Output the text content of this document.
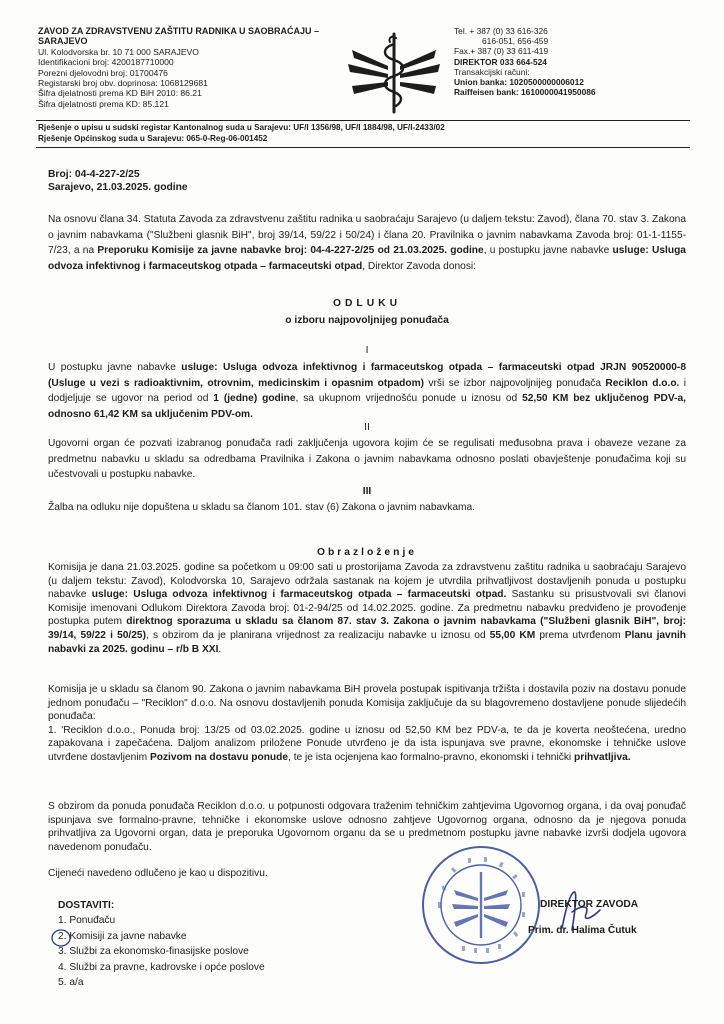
ZAVOD ZA ZDRAVSTVENU ZAŠTITU RADNIKA U SAOBRAĆAJU –
SARAJEVO
Ul. Kolodvorska br. 10 71 000 SARAJEVO
Identifikacioni broj: 4200187710000
Porezni djelovodni broj: 01700476
Registarski broj obv. doprinosa: 1068129681
Šifra djelatnosti prema KD BiH 2010: 86.21
Šifra djelatnosti prema KD: 85.121
Tel. + 387 (0) 33 616-326
616-051, 656-459
Fax.+ 387 (0) 33 611-419
DIREKTOR 033 664-524
Transakcijski računi:
Union banka: 1020500000006012
Raiffeisen bank: 1610000041950086
Rješenje o upisu u sudski registar Kantonalnog suda u Sarajevu: UF/I 1356/98, UF/I 1884/98, UF/I-2433/02
Rješenje Općinskog suda u Sarajevu: 065-0-Reg-06-001452
Broj: 04-4-227-2/25
Sarajevo, 21.03.2025. godine
Na osnovu člana 34. Statuta Zavoda za zdravstvenu zaštitu radnika u saobraćaju Sarajevo (u daljem tekstu: Zavod), člana 70. stav 3. Zakona o javnim nabavkama ("Službeni glasnik BiH", broj 39/14, 59/22 i 50/24) i člana 20. Pravilnika o javnim nabavkama Zavoda broj: 01-1-1155-7/23, a na Preporuku Komisije za javne nabavke broj: 04-4-227-2/25 od 21.03.2025. godine, u postupku javne nabavke usluge: Usluga odvoza infektivnog i farmaceutskog otpada – farmaceutski otpad, Direktor Zavoda donosi:
ODLUKU
o izboru najpovoljnijeg ponuđača
I
U postupku javne nabavke usluge: Usluga odvoza infektivnog i farmaceutskog otpada – farmaceutski otpad JRJN 90520000-8 (Usluge u vezi s radioaktivnim, otrovnim, medicinskim i opasnim otpadom) vrši se izbor najpovoljnijeg ponuđača Reciklon d.o.o. i dodjeljuje se ugovor na period od 1 (jedne) godine, sa ukupnom vrijednošću ponude u iznosu od 52,50 KM bez uključenog PDV-a, odnosno 61,42 KM sa uključenim PDV-om.
II
Ugovorni organ će pozvati izabranog ponuđača radi zaključenja ugovora kojim će se regulisati međusobna prava i obaveze vezane za predmetnu nabavku u skladu sa odredbama Pravilnika i Zakona o javnim nabavkama odnosno poslati obavještenje ponuđačima koji su učestvovali u postupku nabavke.
III
Žalba na odluku nije dopuštena u skladu sa članom 101. stav (6) Zakona o javnim nabavkama.
Obrazloženje
Komisija je dana 21.03.2025. godine sa početkom u 09:00 sati u prostorijama Zavoda za zdravstvenu zaštitu radnika u saobraćaju Sarajevo (u daljem tekstu: Zavod), Kolodvorska 10, Sarajevo održala sastanak na kojem je utvrdila prihvatljivost dostavljenih ponuda u postupku nabavke usluge: Usluga odvoza infektivnog i farmaceutskog otpada – farmaceutski otpad. Sastanku su prisustvovali svi članovi Komisije imenovani Odlukom Direktora Zavoda broj: 01-2-94/25 od 14.02.2025. godine. Za predmetnu nabavku predviđeno je provođenje postupka putem direktnog sporazuma u skladu sa članom 87. stav 3. Zakona o javnim nabavkama ("Službeni glasnik BiH", broj: 39/14, 59/22 i 50/25), s obzirom da je planirana vrijednost za realizaciju nabavke u iznosu od 55,00 KM prema utvrđenom Planu javnih nabavki za 2025. godinu – r/b B XXI.
Komisija je u skladu sa članom 90. Zakona o javnim nabavkama BiH provela postupak ispitivanja tržišta i dostavila poziv na dostavu ponude jednom ponuđaču – "Reciklon" d.o.o. Na osnovu dostavljenih ponuda Komisija zaključuje da su blagovremeno dostavljene ponude slijedećih ponuđača:
1. 'Reciklon d.o.o., Ponuda broj: 13/25 od 03.02.2025. godine u iznosu od 52,50 KM bez PDV-a, te da je koverta neoštećena, uredno zapakovana i zapečaćena. Daljom analizom priložene Ponude utvrđeno je da ista ispunjava sve pravne, ekonomske i tehničke uslove utvrđene dostavljenim Pozivom na dostavu ponude, te je ista ocjenjena kao formalno-pravno, ekonomski i tehnički prihvatljiva.
S obzirom da ponuda ponuđača Reciklon d.o.o. u potpunosti odgovara traženim tehničkim zahtjevima Ugovornog organa, i da ovaj ponuđač ispunjava sve formalno-pravne, tehničke i ekonomske uslove odnosno zahtjeve Ugovornog organa, odnosno da je njegova ponuda prihvatljiva za Ugovorni organ, data je preporuka Ugovornom organu da se u predmetnom postupku javne nabavke izvrši dodjela ugovora navedenom ponuđaču.
Cijeneći navedeno odlučeno je kao u dispozitivu.
DOSTAVITI:
1. Ponuđaču
2. Komisiji za javne nabavke
3. Službi za ekonomsko-finasijske poslove
4. Službi za pravne, kadrovske i opće poslove
5. a/a
DIREKTOR ZAVODA
Prim. dr. Halima Čutuk
